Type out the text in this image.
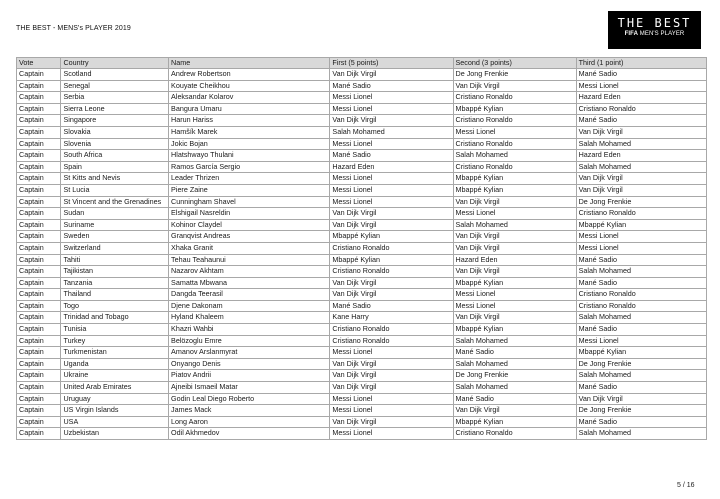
THE BEST - MENS's PLAYER 2019	THE BEST
FIFA MEN'S PLAYER
Vote	Country	Name	First (5 points)	Second (3 points)	Third (1 point)
Captain	Scotland	Andrew Robertson	Van Dijk Virgil	De Jong Frenkie	Mané Sadio
Captain	Senegal	Kouyate Cheikhou	Mané Sadio	Van Dijk Virgil	Messi Lionel
Captain	Serbia	Aleksandar Kolarov	Messi Lionel	Cristiano Ronaldo	Hazard Eden
Captain	Sierra Leone	Bangura Umaru	Messi Lionel	Mbappé Kylian	Cristiano Ronaldo
Captain	Singapore	Harun Hariss	Van Dijk Virgil	Cristiano Ronaldo	Mané Sadio
Captain	Slovakia	Hamšík Marek	Salah Mohamed	Messi Lionel	Van Dijk Virgil
Captain	Slovenia	Jokic Bojan	Messi Lionel	Cristiano Ronaldo	Salah Mohamed
Captain	South Africa	Hlatshwayo Thulani	Mané Sadio	Salah Mohamed	Hazard Eden
Captain	Spain	Ramos García Sergio	Hazard Eden	Cristiano Ronaldo	Salah Mohamed
Captain	St Kitts and Nevis	Leader Thrizen	Messi Lionel	Mbappé Kylian	Van Dijk Virgil
Captain	St Lucia	Piere Zaine	Messi Lionel	Mbappé Kylian	Van Dijk Virgil
Captain	St Vincent and the Grenadines	Cunningham Shavel	Messi Lionel	Van Dijk Virgil	De Jong Frenkie
Captain	Sudan	Elshigail Nasreldin	Van Dijk Virgil	Messi Lionel	Cristiano Ronaldo
Captain	Suriname	Kohinor Claydel	Van Dijk Virgil	Salah Mohamed	Mbappé Kylian
Captain	Sweden	Granqvist Andreas	Mbappé Kylian	Van Dijk Virgil	Messi Lionel
Captain	Switzerland	Xhaka Granit	Cristiano Ronaldo	Van Dijk Virgil	Messi Lionel
Captain	Tahiti	Tehau Teahaunui	Mbappé Kylian	Hazard Eden	Mané Sadio
Captain	Tajikistan	Nazarov Akhtam	Cristiano Ronaldo	Van Dijk Virgil	Salah Mohamed
Captain	Tanzania	Samatta Mbwana	Van Dijk Virgil	Mbappé Kylian	Mané Sadio
Captain	Thailand	Dangda Teerasil	Van Dijk Virgil	Messi Lionel	Cristiano Ronaldo
Captain	Togo	Djene Dakonam	Mané Sadio	Messi Lionel	Cristiano Ronaldo
Captain	Trinidad and Tobago	Hyland Khaleem	Kane Harry	Van Dijk Virgil	Salah Mohamed
Captain	Tunisia	Khazri Wahbi	Cristiano Ronaldo	Mbappé Kylian	Mané Sadio
Captain	Turkey	Belözoglu Emre	Cristiano Ronaldo	Salah Mohamed	Messi Lionel
Captain	Turkmenistan	Amanov Arslanmyrat	Messi Lionel	Mané Sadio	Mbappé Kylian
Captain	Uganda	Onyango Denis	Van Dijk Virgil	Salah Mohamed	De Jong Frenkie
Captain	Ukraine	Piatov Andrii	Van Dijk Virgil	De Jong Frenkie	Salah Mohamed
Captain	United Arab Emirates	Ajneibi Ismaeil Matar	Van Dijk Virgil	Salah Mohamed	Mané Sadio
Captain	Uruguay	Godin Leal Diego Roberto	Messi Lionel	Mané Sadio	Van Dijk Virgil
Captain	US Virgin Islands	James Mack	Messi Lionel	Van Dijk Virgil	De Jong Frenkie
Captain	USA	Long Aaron	Van Dijk Virgil	Mbappé Kylian	Mané Sadio
Captain	Uzbekistan	Odil Akhmedov	Messi Lionel	Cristiano Ronaldo	Salah Mohamed
5 / 16
